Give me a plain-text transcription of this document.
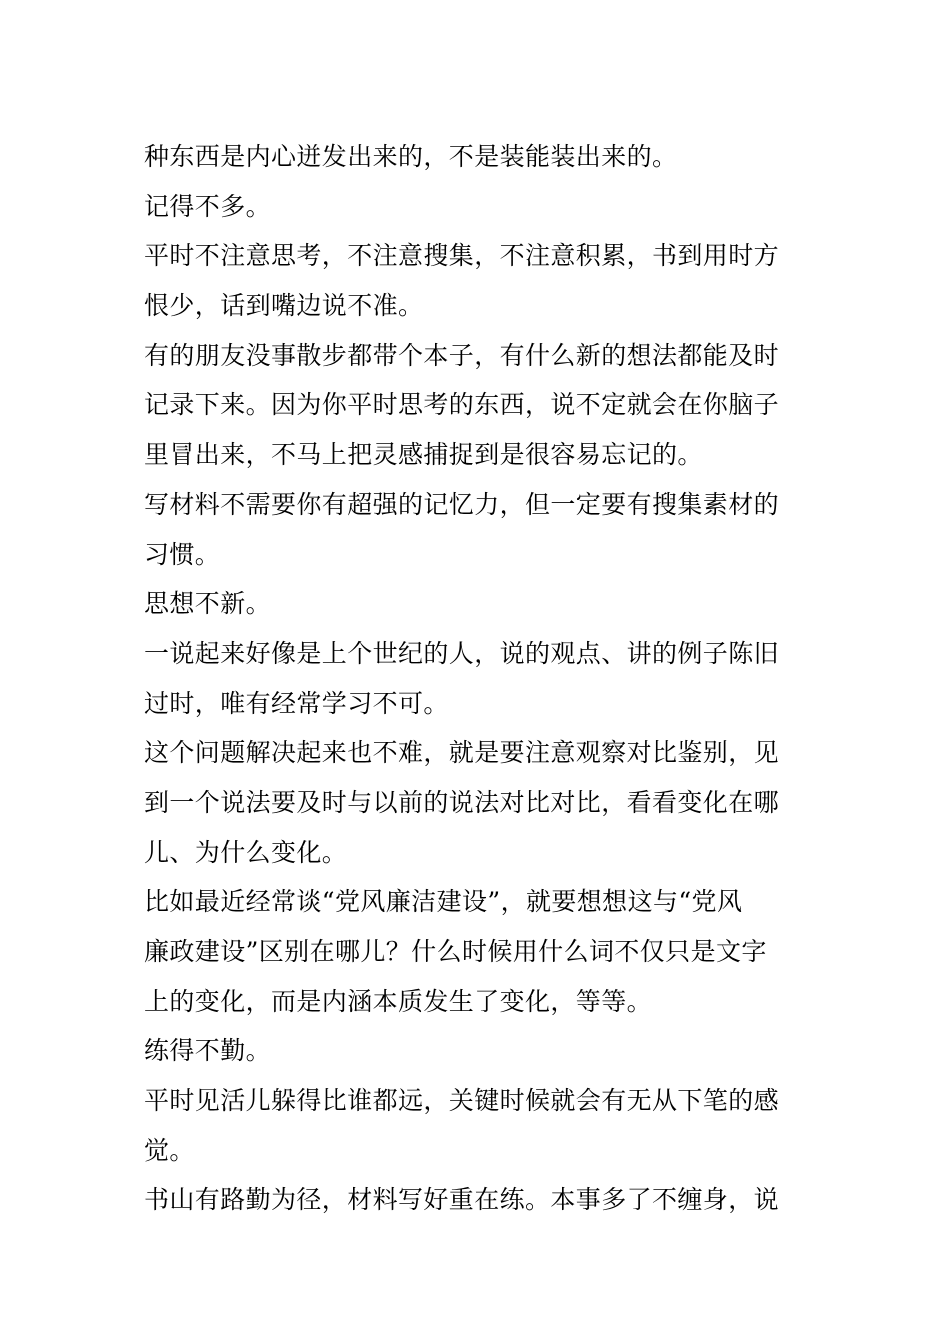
种东西是内心迸发出来的，不是装能装出来的。
记得不多。
平时不注意思考，不注意搜集，不注意积累，书到用时方
恨少，话到嘴边说不准。
有的朋友没事散步都带个本子，有什么新的想法都能及时
记录下来。因为你平时思考的东西，说不定就会在你脑子
里冒出来，不马上把灵感捕捉到是很容易忘记的。
写材料不需要你有超强的记忆力，但一定要有搜集素材的
习惯。
思想不新。
一说起来好像是上个世纪的人，说的观点、讲的例子陈旧
过时，唯有经常学习不可。
这个问题解决起来也不难，就是要注意观察对比鉴别，见
到一个说法要及时与以前的说法对比对比，看看变化在哪
儿、为什么变化。
比如最近经常谈“党风廉洁建设”，就要想想这与“党风
廉政建设”区别在哪儿？什么时候用什么词不仅只是文字
上的变化，而是内涵本质发生了变化，等等。
练得不勤。
平时见活儿躲得比谁都远，关键时候就会有无从下笔的感
觉。
书山有路勤为径，材料写好重在练。本事多了不缠身，说
